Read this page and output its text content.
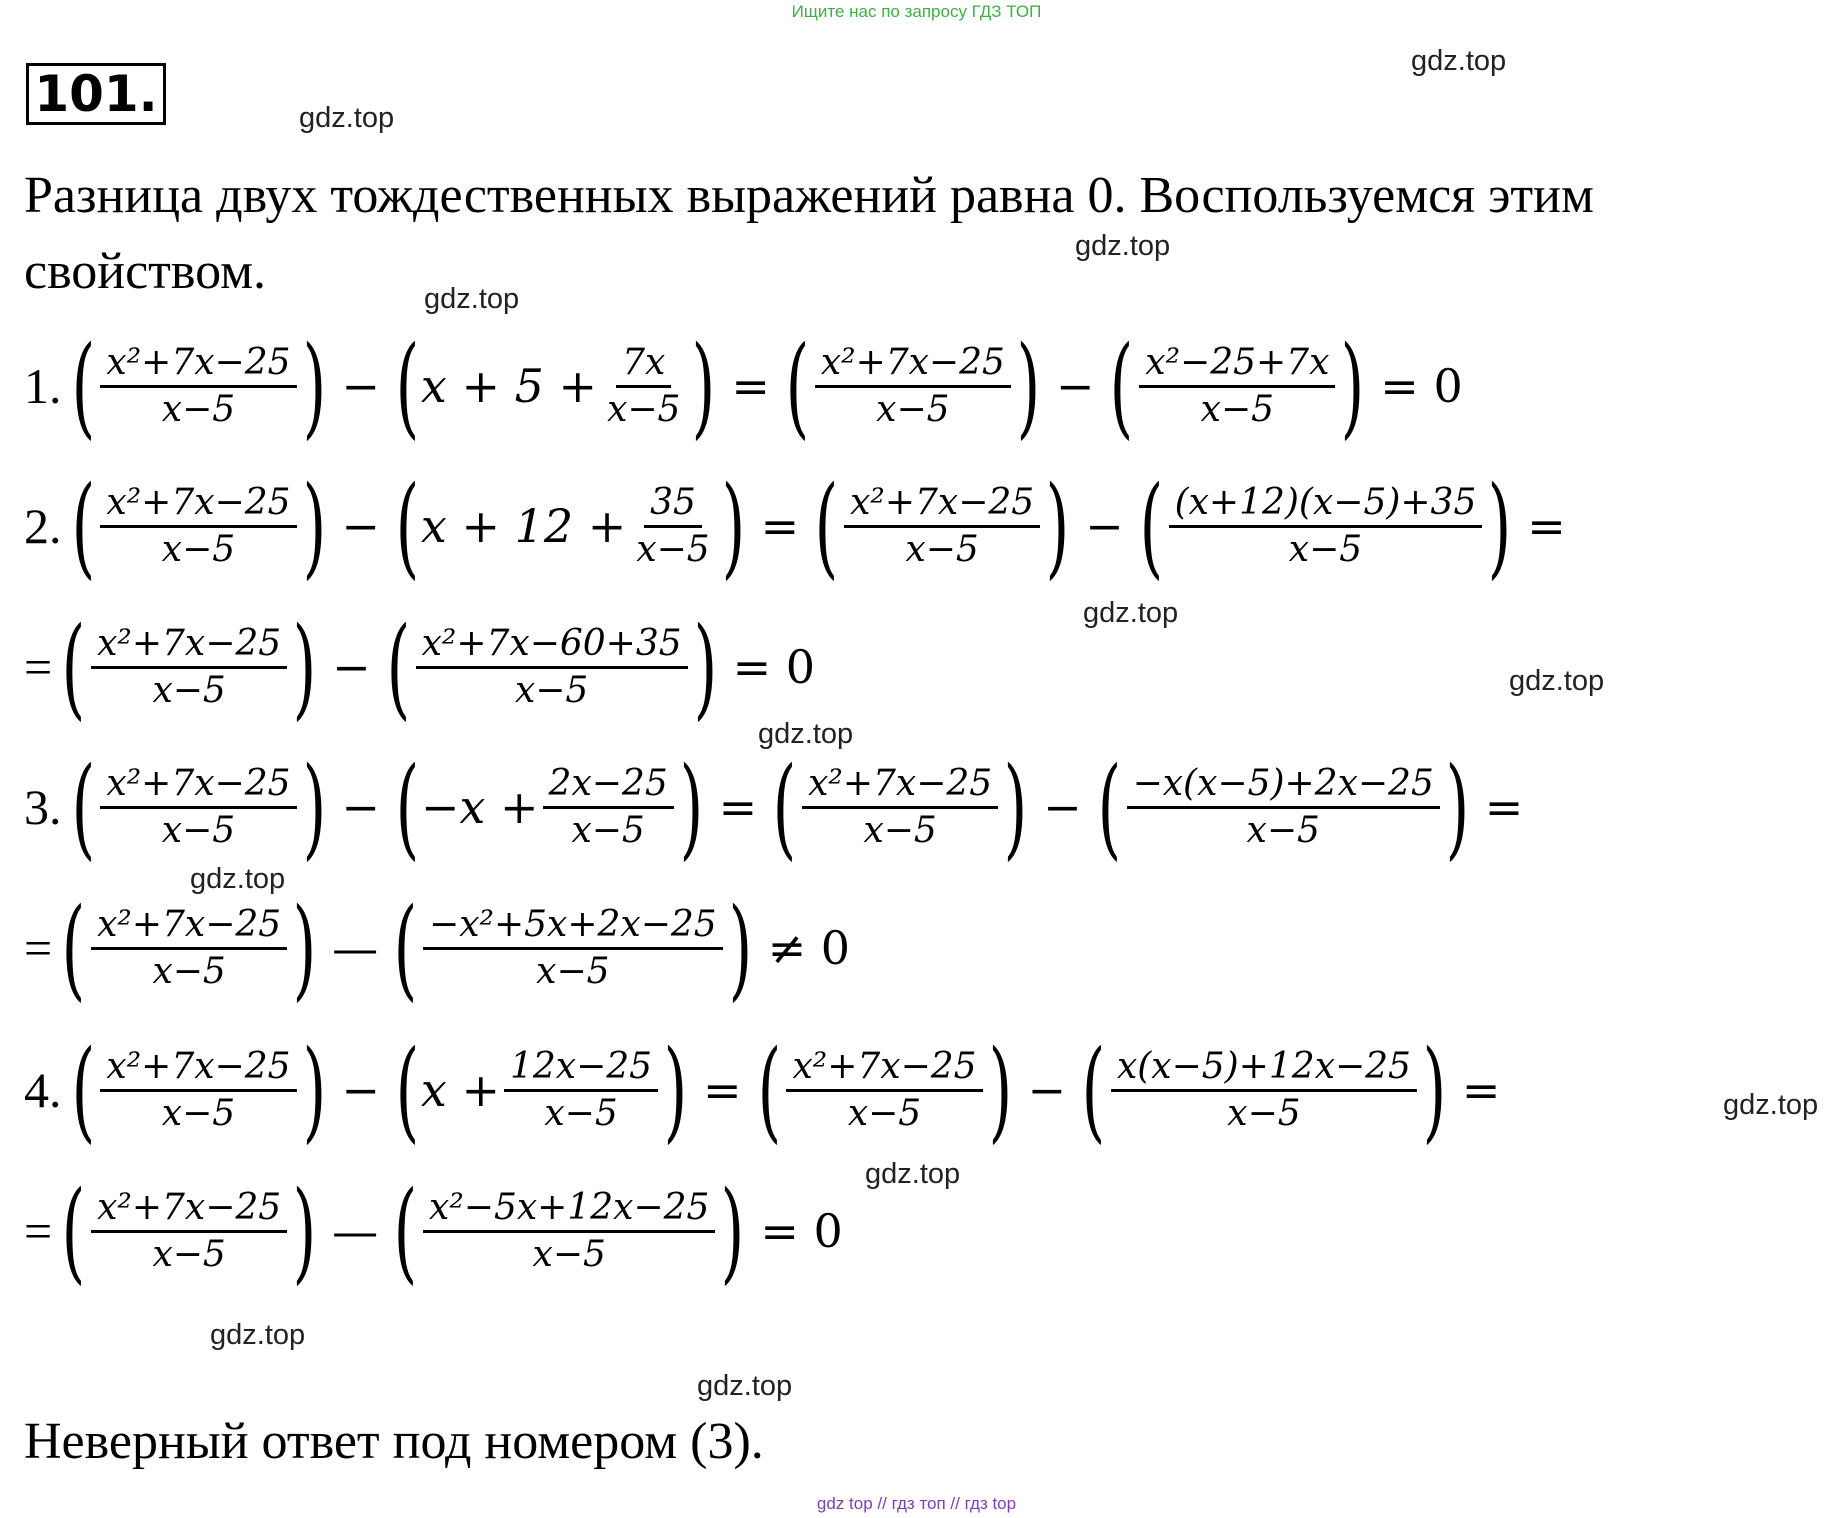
Ищите нас по запросу ГДЗ ТОП
101.
Разница двух тождественных выражений равна 0. Воспользуемся этим свойством.
1. ( $\frac{\text{x²+7x−25}}{x-5}$ ) − ( $x + 5 + \frac{7x}{x-5}$ ) = ( $\frac{\text{x²+7x−25}}{x-5}$ ) − ( $\frac{\text{x²−25+7x}}{x-5}$ ) = 0
2. ( $\frac{\text{x²+7x−25}}{x-5}$ ) − ( $x + 12 + \frac{35}{x-5}$ ) = ( $\frac{\text{x²+7x−25}}{x-5}$ ) − ( $\frac{(x+12)(x-5)+35}{x-5}$ ) =
= ( $\frac{\text{x²+7x−25}}{x-5}$ ) − ( $\frac{\text{x²+7x−60+35}}{x-5}$ ) = 0
3. ( $\frac{\text{x²+7x−25}}{x-5}$ ) − ( $-x + \frac{2x-25}{x-5}$ ) = ( $\frac{\text{x²+7x−25}}{x-5}$ ) − ( $\frac{-x(x-5)+2x-25}{x-5}$ ) =
= ( $\frac{\text{x²+7x−25}}{x-5}$ ) — ( $\frac{\text{−x²+5x+2x−25}}{x-5}$ ) ≠ 0
4. ( $\frac{\text{x²+7x−25}}{x-5}$ ) − ( $x + \frac{12x-25}{x-5}$ ) = ( $\frac{\text{x²+7x−25}}{x-5}$ ) − ( $\frac{x(x-5)+12x-25}{x-5}$ ) =
= ( $\frac{\text{x²+7x−25}}{x-5}$ ) — ( $\frac{\text{x²−5x+12x−25}}{x-5}$ ) = 0
Неверный ответ под номером (3).
gdz.top
gdz.top
gdz.top
gdz.top
gdz.top
gdz.top
gdz.top
gdz.top
gdz.top
gdz.top
gdz.top
gdz.top
gdz top // гдз топ // гдз top
